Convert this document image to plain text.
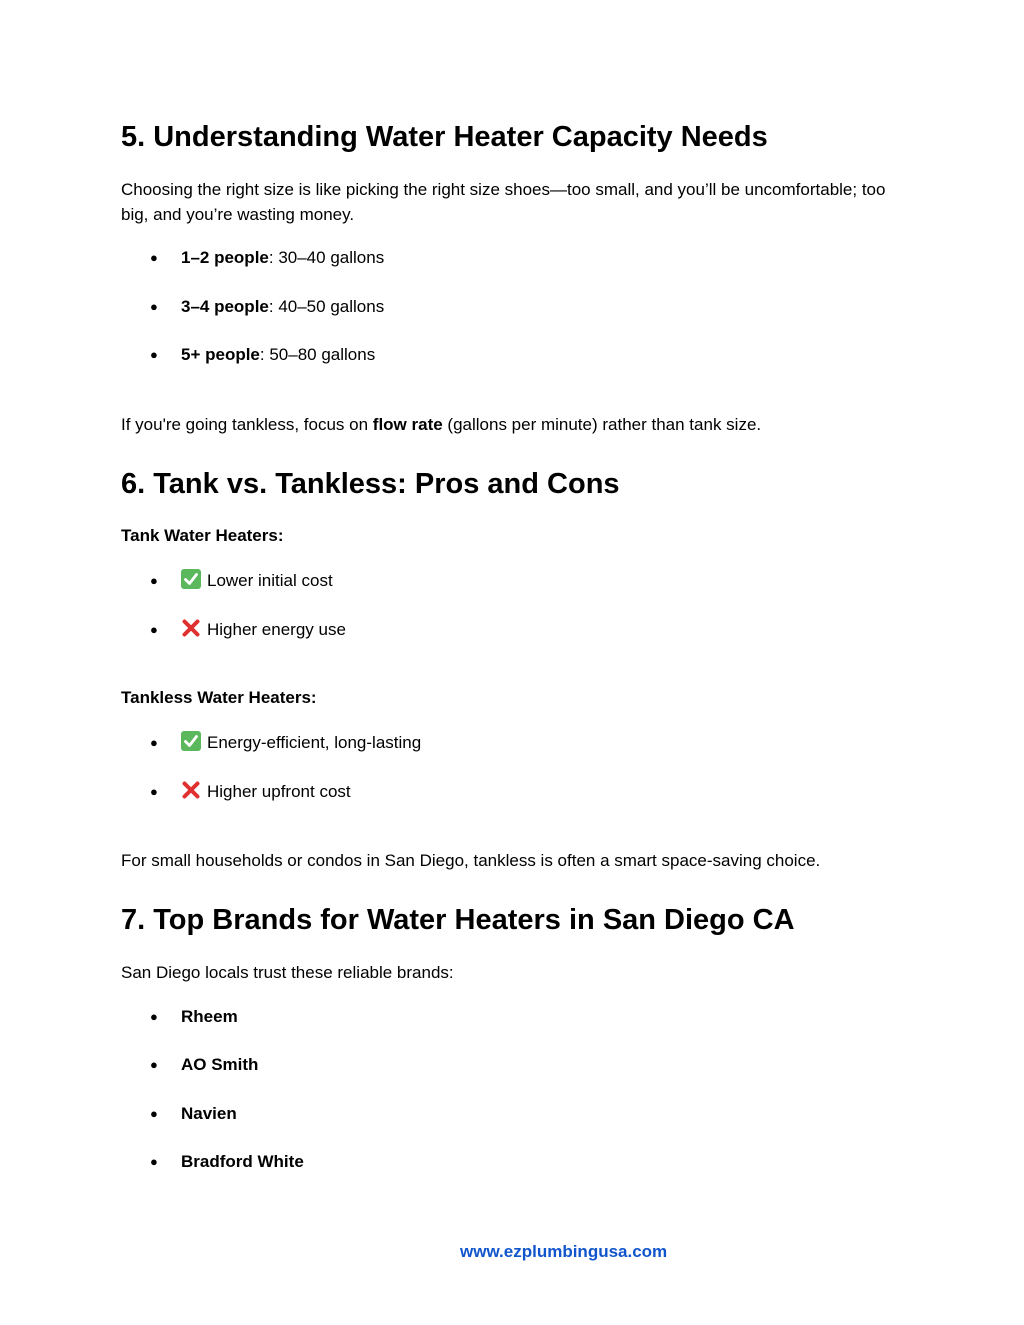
5. Understanding Water Heater Capacity Needs

Choosing the right size is like picking the right size shoes—too small, and you’ll be uncomfortable; too big, and you’re wasting money.

● 1–2 people: 30–40 gallons
● 3–4 people: 40–50 gallons
● 5+ people: 50–80 gallons

If you're going tankless, focus on flow rate (gallons per minute) rather than tank size.

6. Tank vs. Tankless: Pros and Cons
Tank Water Heaters:
●	Lower initial cost
●	Higher energy use
Tankless Water Heaters:
●	Energy-efficient, long-lasting
●	Higher upfront cost

For small households or condos in San Diego, tankless is often a smart space-saving choice.

7. Top Brands for Water Heaters in San Diego CA

San Diego locals trust these reliable brands:

● Rheem
● AO Smith
● Navien
● Bradford White
www.ezplumbingusa.com
